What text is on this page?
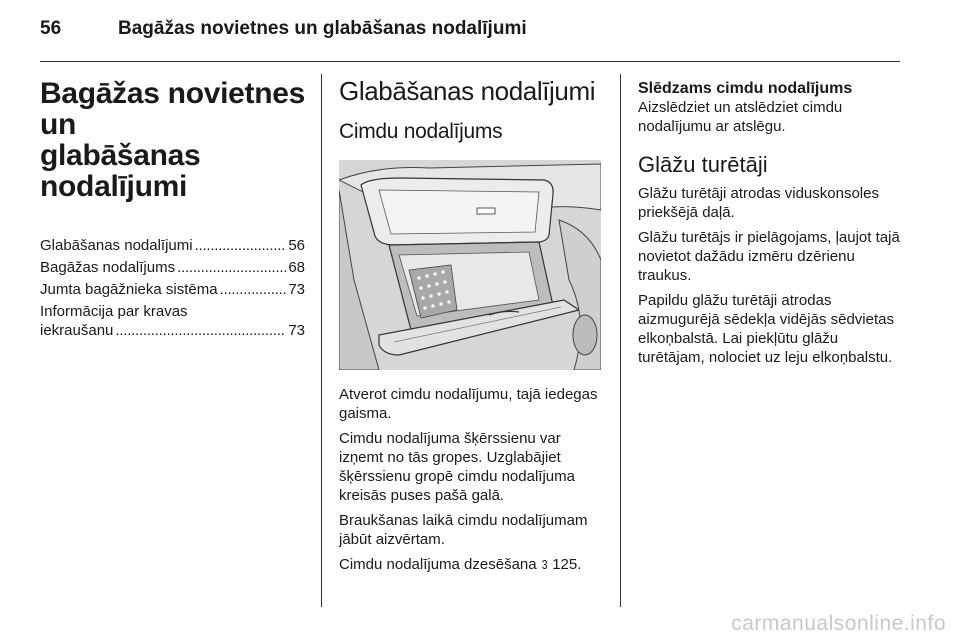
56	Bagāžas novietnes un glabāšanas nodalījumi
Bagāžas novietnes un
glabāšanas
nodalījumi
Glabāšanas nodalījumi . . .	56
Bagāžas nodalījums . . .	68
Jumta bagāžnieka sistēma . . .	73
Informācija par kravas
iekraušanu . . .	73
Glabāšanas nodalījumi
Cimdu nodalījums

Atverot cimdu nodalījumu, tajā iedegas gaisma.

Cimdu nodalījuma šķērssienu var izņemt no tās gropes. Uzglabājiet šķērssienu gropē cimdu nodalījuma kreisās puses pašā galā.

Braukšanas laikā cimdu nodalījumam jābūt aizvērtam.

Cimdu nodalījuma dzesēšana 3 125.

Slēdzams cimdu nodalījums

Aizslēdziet un atslēdziet cimdu nodalījumu ar atslēgu.

Glāžu turētāji

Glāžu turētāji atrodas viduskonsoles priekšējā daļā.

Glāžu turētājs ir pielāgojams, ļaujot tajā novietot dažādu izmēru dzērienu traukus.

Papildu glāžu turētāji atrodas aizmugurējā sēdekļa vidējās sēdvietas elkoņbalstā. Lai piekļūtu glāžu turētājam, nolociet uz leju elkoņbalstu.

carmanualsonline.info
